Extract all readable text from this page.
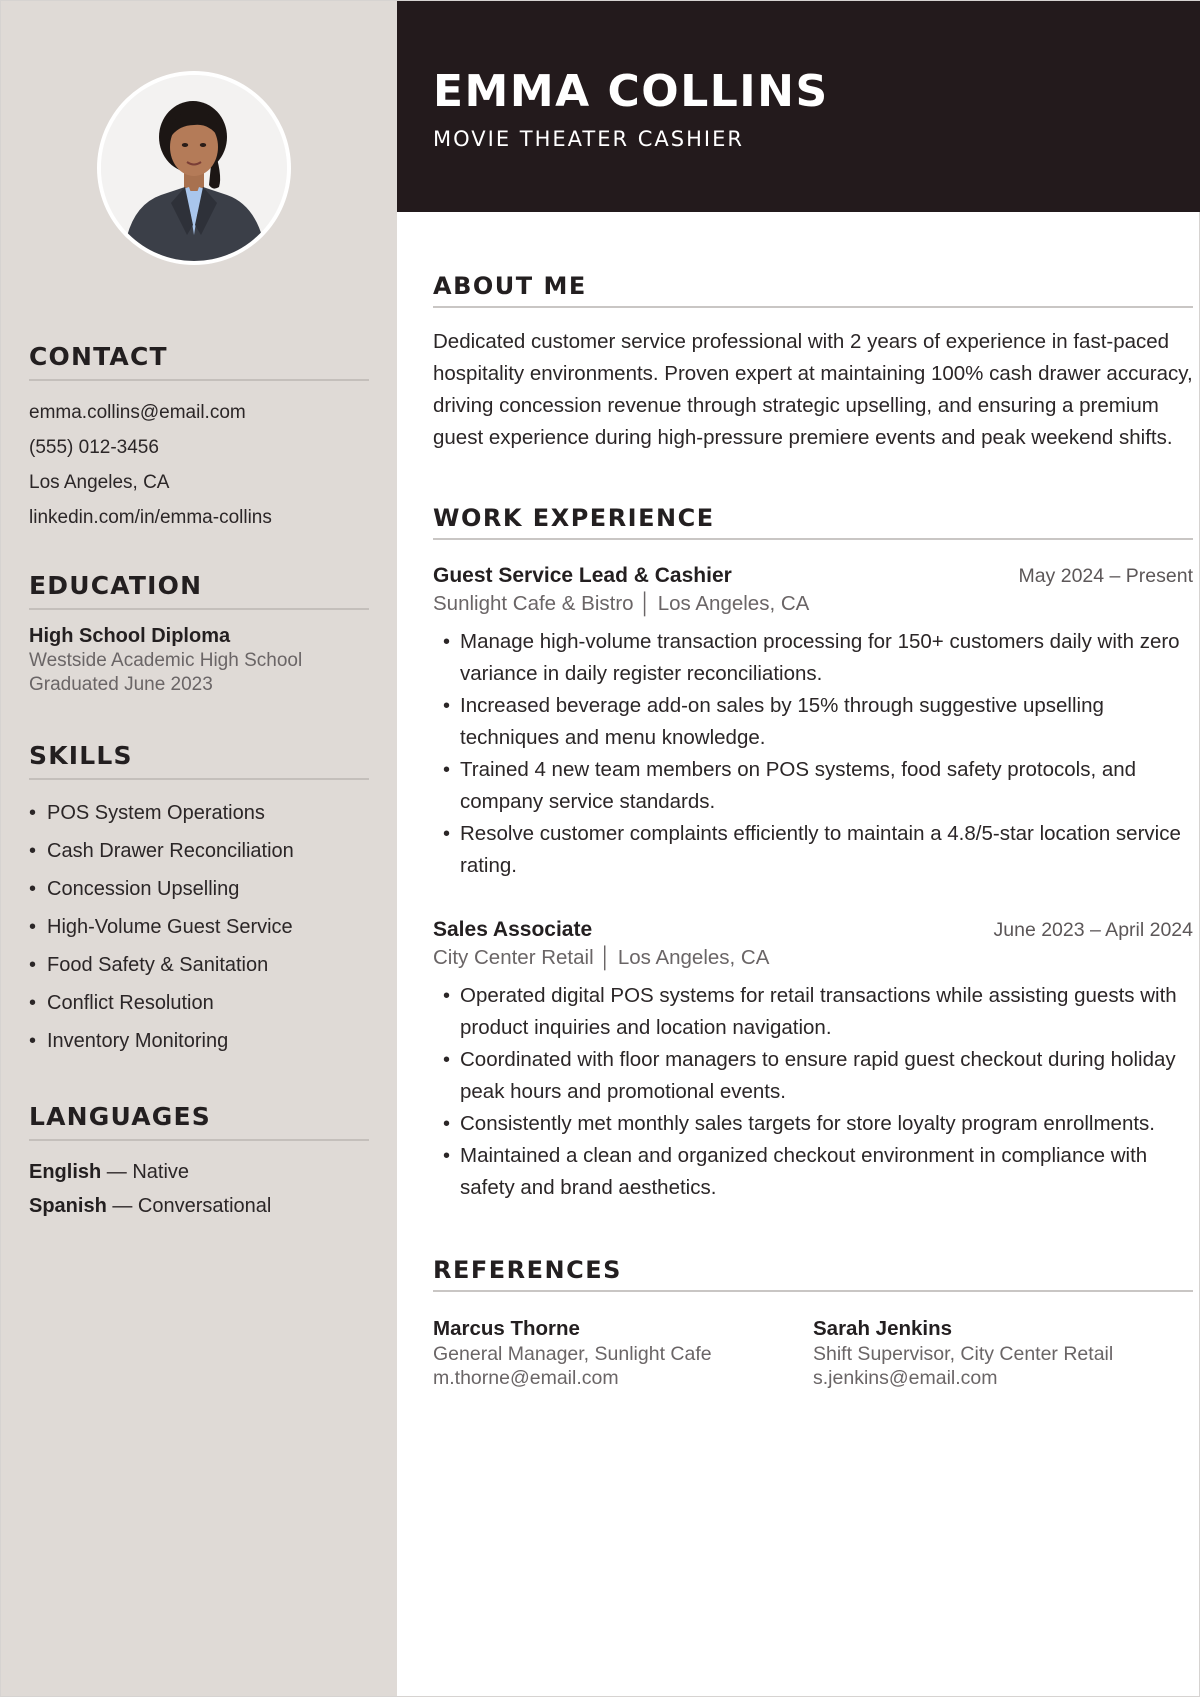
CONTACT
emma.collins@email.com
(555) 012-3456
Los Angeles, CA
linkedin.com/in/emma-collins
EDUCATION
High School Diploma
Westside Academic High School
Graduated June 2023
SKILLS
• POS System Operations
• Cash Drawer Reconciliation
• Concession Upselling
• High-Volume Guest Service
• Food Safety & Sanitation
• Conflict Resolution
• Inventory Monitoring
LANGUAGES
English — Native
Spanish — Conversational
EMMA COLLINS
MOVIE THEATER CASHIER
ABOUT ME

Dedicated customer service professional with 2 years of experience in fast-paced hospitality environments. Proven expert at maintaining 100% cash drawer accuracy, driving concession revenue through strategic upselling, and ensuring a premium guest experience during high-pressure premiere events and peak weekend shifts.

WORK EXPERIENCE
Guest Service Lead & Cashier	May 2024 – Present
Sunlight Cafe & Bistro │ Los Angeles, CA
• Manage high-volume transaction processing for 150+ customers daily with zero variance in daily register reconciliations.
• Increased beverage add-on sales by 15% through suggestive upselling techniques and menu knowledge.
• Trained 4 new team members on POS systems, food safety protocols, and company service standards.
• Resolve customer complaints efficiently to maintain a 4.8/5-star location service rating.
Sales Associate	June 2023 – April 2024
City Center Retail │ Los Angeles, CA
• Operated digital POS systems for retail transactions while assisting guests with product inquiries and location navigation.
• Coordinated with floor managers to ensure rapid guest checkout during holiday peak hours and promotional events.
• Consistently met monthly sales targets for store loyalty program enrollments.
• Maintained a clean and organized checkout environment in compliance with safety and brand aesthetics.
REFERENCES
Marcus Thorne
General Manager, Sunlight Cafe
m.thorne@email.com
Sarah Jenkins
Shift Supervisor, City Center Retail
s.jenkins@email.com
